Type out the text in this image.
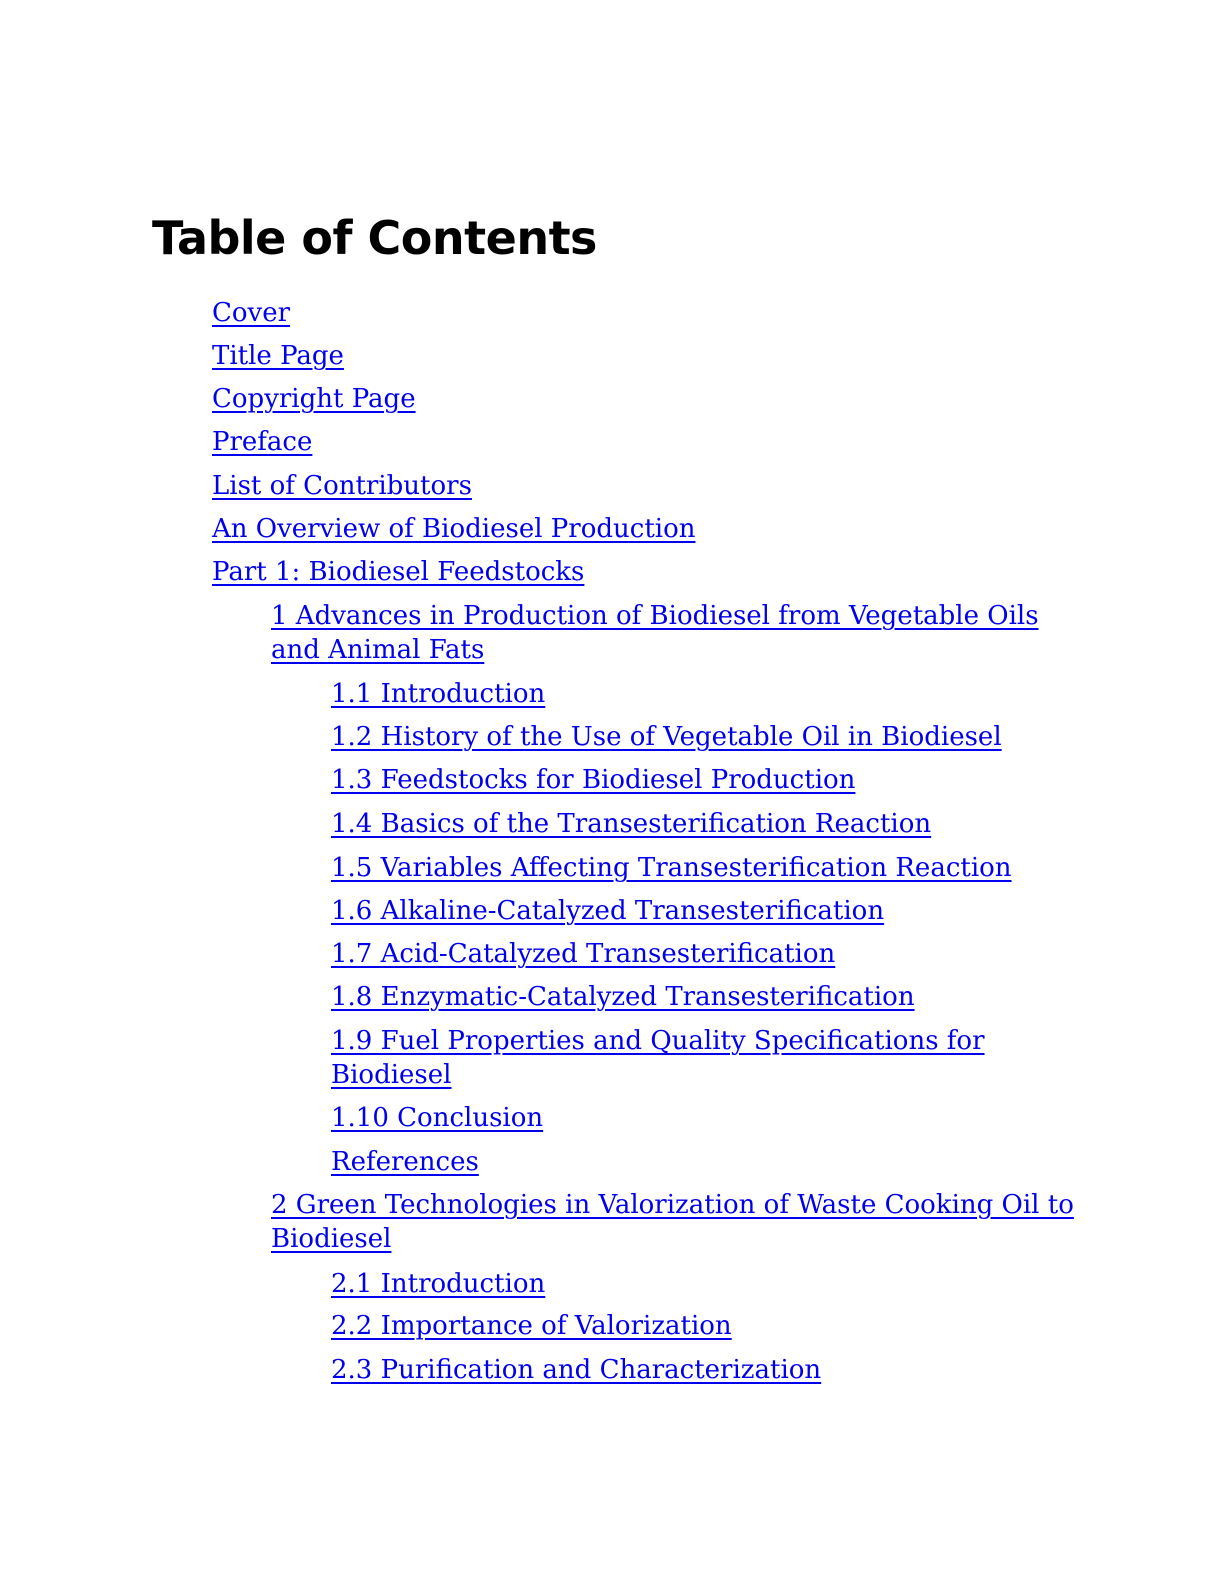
Table of Contents
Cover
Title Page
Copyright Page
Preface
List of Contributors
An Overview of Biodiesel Production
Part 1: Biodiesel Feedstocks
1 Advances in Production of Biodiesel from Vegetable Oils and Animal Fats
1.1 Introduction
1.2 History of the Use of Vegetable Oil in Biodiesel
1.3 Feedstocks for Biodiesel Production
1.4 Basics of the Transesterification Reaction
1.5 Variables Affecting Transesterification Reaction
1.6 Alkaline-Catalyzed Transesterification
1.7 Acid-Catalyzed Transesterification
1.8 Enzymatic-Catalyzed Transesterification
1.9 Fuel Properties and Quality Specifications for Biodiesel
1.10 Conclusion
References
2 Green Technologies in Valorization of Waste Cooking Oil to Biodiesel
2.1 Introduction
2.2 Importance of Valorization
2.3 Purification and Characterization
